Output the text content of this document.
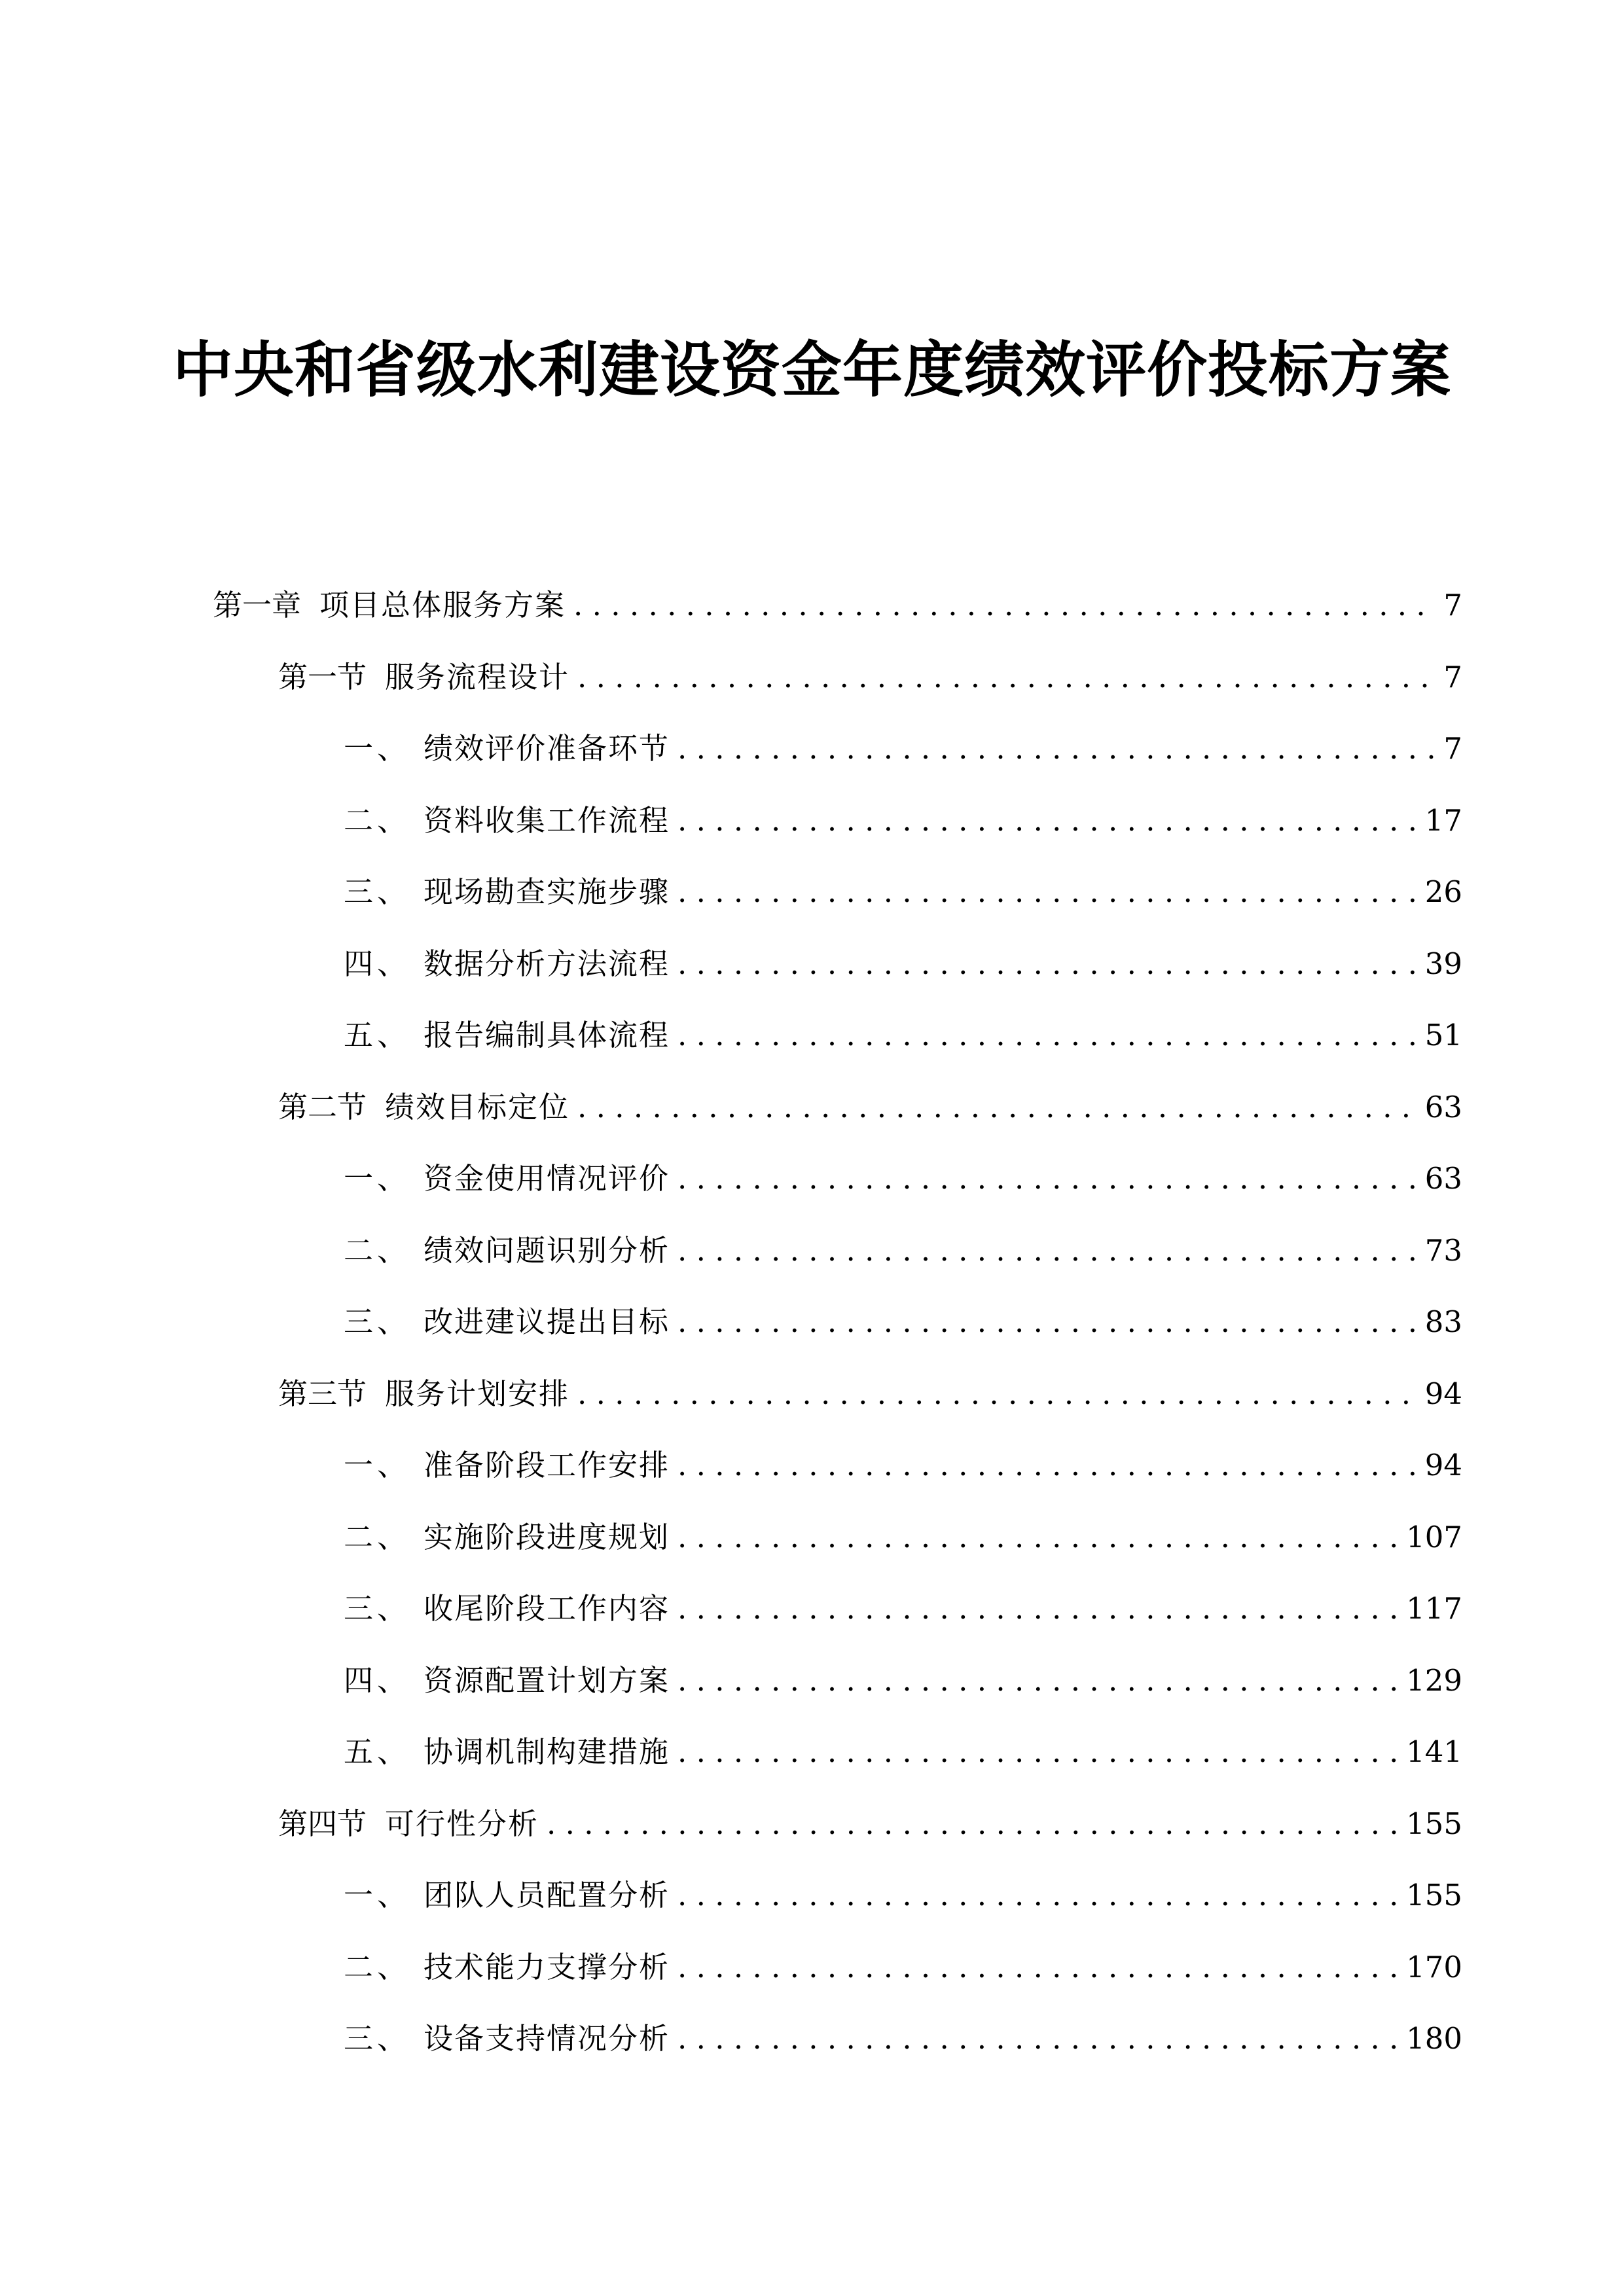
中央和省级水利建设资金年度绩效评价投标方案
第一章 项目总体服务方案 . . .	7
第一节 服务流程设计 . . .	7
一、 绩效评价准备环节 . . .	7
二、 资料收集工作流程 . . .	17
三、 现场勘查实施步骤 . . .	26
四、 数据分析方法流程 . . .	39
五、 报告编制具体流程 . . .	51
第二节 绩效目标定位 . . .	63
一、 资金使用情况评价 . . .	63
二、 绩效问题识别分析 . . .	73
三、 改进建议提出目标 . . .	83
第三节 服务计划安排 . . .	94
一、 准备阶段工作安排 . . .	94
二、 实施阶段进度规划 . . .	107
三、 收尾阶段工作内容 . . .	117
四、 资源配置计划方案 . . .	129
五、 协调机制构建措施 . . .	141
第四节 可行性分析 . . .	155
一、 团队人员配置分析 . . .	155
二、 技术能力支撑分析 . . .	170
三、 设备支持情况分析 . . .	180
